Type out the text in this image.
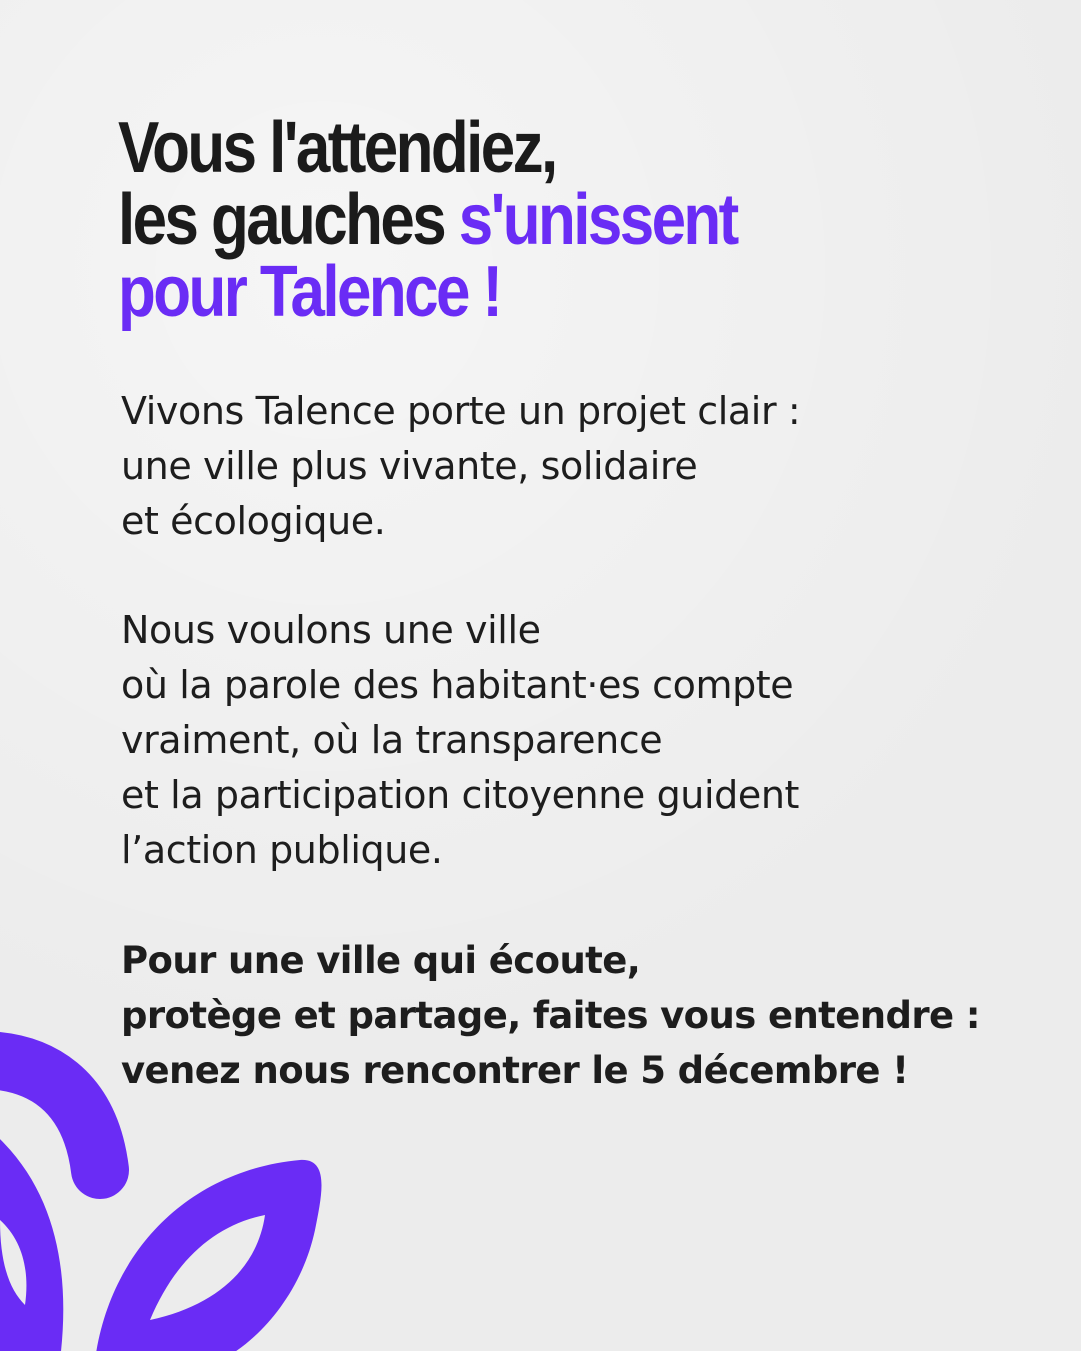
Vous l'attendiez,
les gauches s'unissent
pour Talence !

Vivons Talence porte un projet clair :
une ville plus vivante, solidaire
et écologique.

Nous voulons une ville
où la parole des habitant·es compte
vraiment, où la transparence
et la participation citoyenne guident
l’action publique.

Pour une ville qui écoute,
protège et partage, faites vous entendre :
venez nous rencontrer le 5 décembre !
